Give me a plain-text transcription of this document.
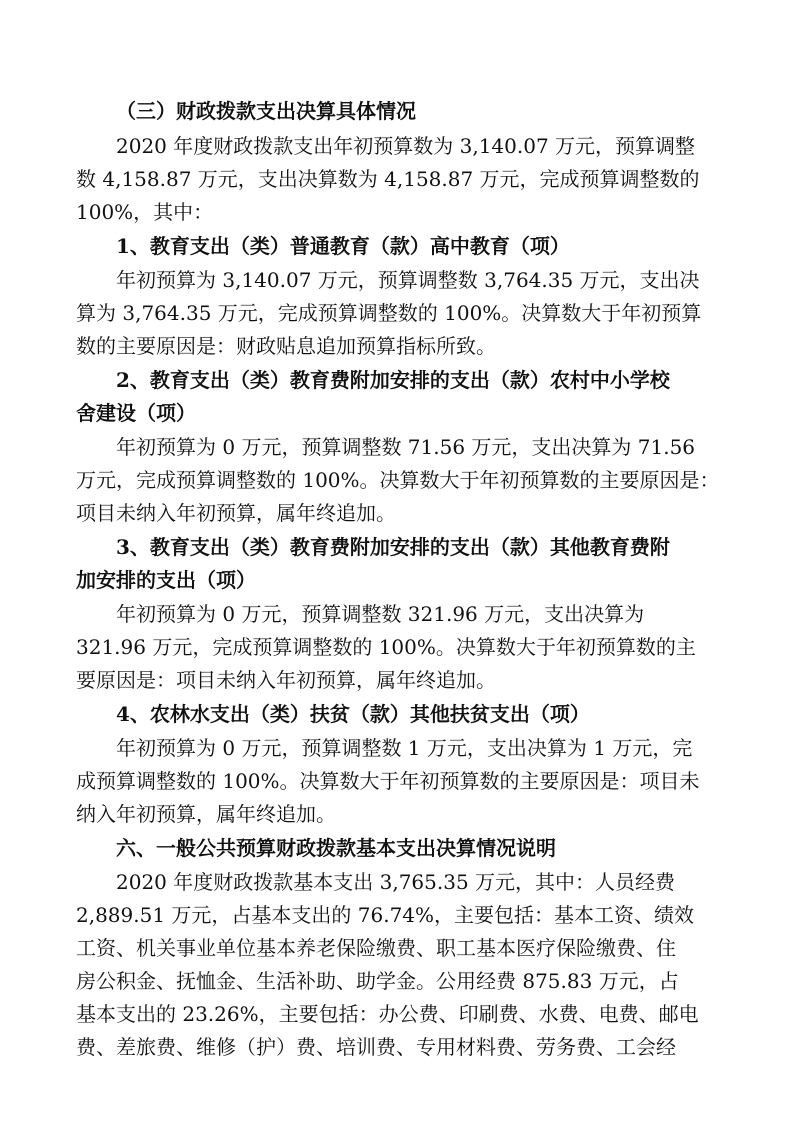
（三）财政拨款支出决算具体情况
2020 年度财政拨款支出年初预算数为 3,140.07 万元，预算调整
数 4,158.87 万元，支出决算数为 4,158.87 万元，完成预算调整数的
100%，其中：
1、教育支出（类）普通教育（款）高中教育（项）
年初预算为 3,140.07 万元，预算调整数 3,764.35 万元，支出决
算为 3,764.35 万元，完成预算调整数的 100%。决算数大于年初预算
数的主要原因是：财政贴息追加预算指标所致。
2、教育支出（类）教育费附加安排的支出（款）农村中小学校
舍建设（项）
年初预算为 0 万元，预算调整数 71.56 万元，支出决算为 71.56
万元，完成预算调整数的 100%。决算数大于年初预算数的主要原因是：
项目未纳入年初预算，属年终追加。
3、教育支出（类）教育费附加安排的支出（款）其他教育费附
加安排的支出（项）
年初预算为 0 万元，预算调整数 321.96 万元，支出决算为
321.96 万元，完成预算调整数的 100%。决算数大于年初预算数的主
要原因是：项目未纳入年初预算，属年终追加。
4、农林水支出（类）扶贫（款）其他扶贫支出（项）
年初预算为 0 万元，预算调整数 1 万元，支出决算为 1 万元，完
成预算调整数的 100%。决算数大于年初预算数的主要原因是：项目未
纳入年初预算，属年终追加。
六、一般公共预算财政拨款基本支出决算情况说明
2020 年度财政拨款基本支出 3,765.35 万元，其中：人员经费
2,889.51 万元，占基本支出的 76.74%，主要包括：基本工资、绩效
工资、机关事业单位基本养老保险缴费、职工基本医疗保险缴费、住
房公积金、抚恤金、生活补助、助学金。公用经费 875.83 万元，占
基本支出的 23.26%，主要包括：办公费、印刷费、水费、电费、邮电
费、差旅费、维修（护）费、培训费、专用材料费、劳务费、工会经
